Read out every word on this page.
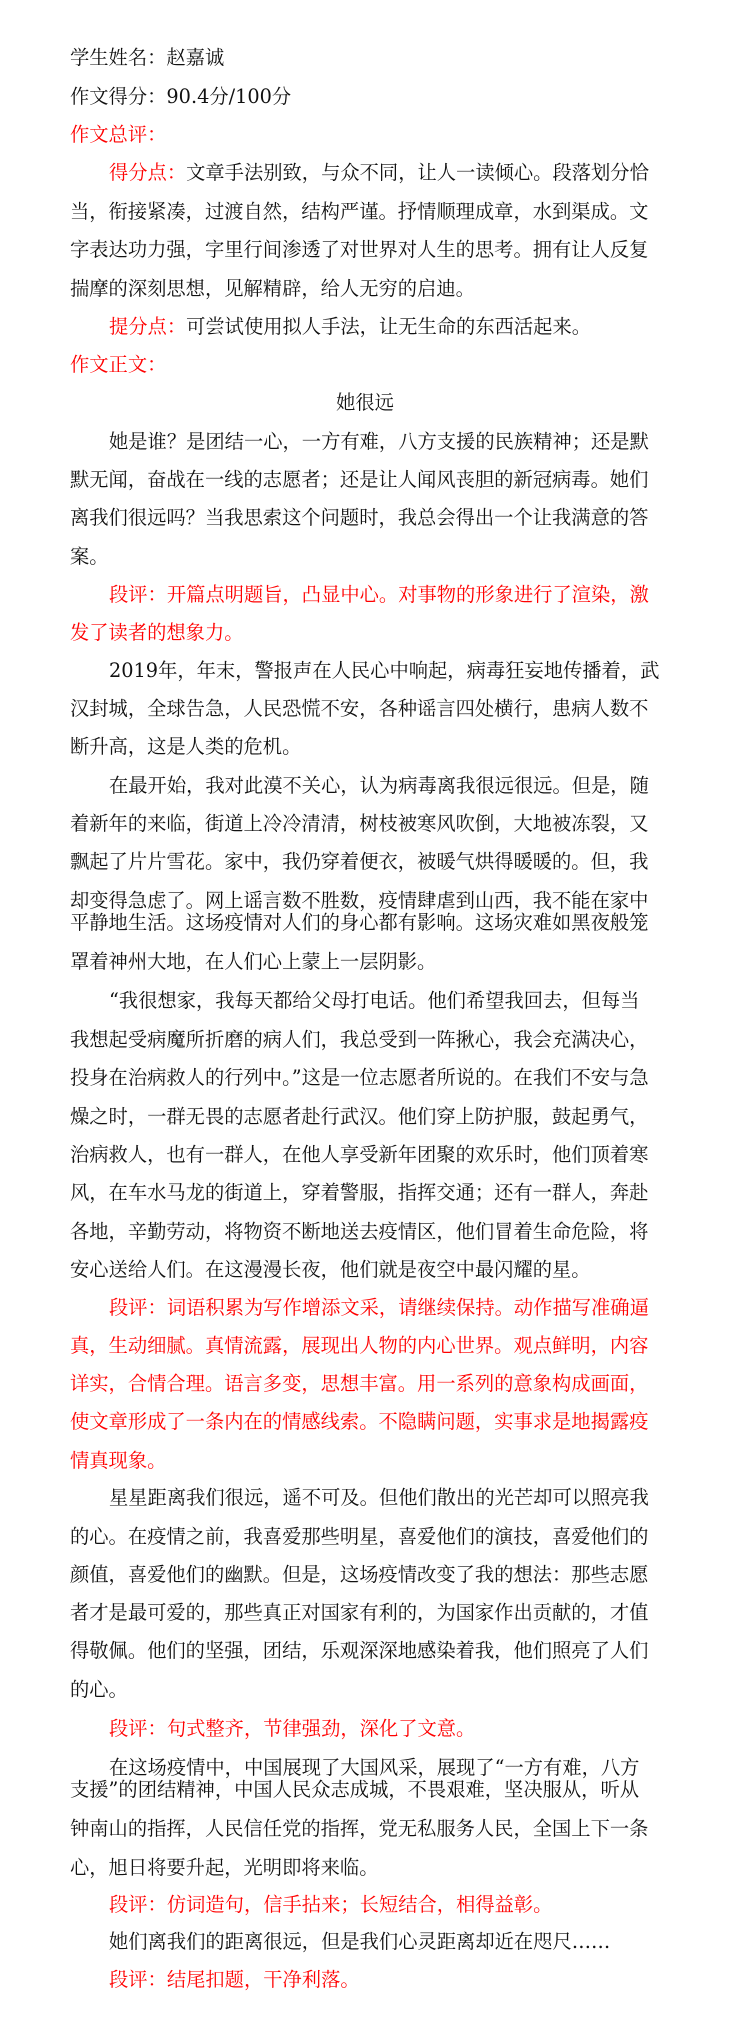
学生姓名：赵嘉诚
作文得分：90.4分/100分
作文总评：
得分点：文章手法别致，与众不同，让人一读倾心。段落划分恰
当，衔接紧凑，过渡自然，结构严谨。抒情顺理成章，水到渠成。文
字表达功力强，字里行间渗透了对世界对人生的思考。拥有让人反复
揣摩的深刻思想，见解精辟，给人无穷的启迪。
提分点：可尝试使用拟人手法，让无生命的东西活起来。
作文正文：
她很远
她是谁？是团结一心，一方有难，八方支援的民族精神；还是默
默无闻，奋战在一线的志愿者；还是让人闻风丧胆的新冠病毒。她们
离我们很远吗？当我思索这个问题时，我总会得出一个让我满意的答
案。
段评：开篇点明题旨，凸显中心。对事物的形象进行了渲染，激
发了读者的想象力。
2019年，年末，警报声在人民心中响起，病毒狂妄地传播着，武
汉封城，全球告急，人民恐慌不安，各种谣言四处横行，患病人数不
断升高，这是人类的危机。
在最开始，我对此漠不关心，认为病毒离我很远很远。但是，随
着新年的来临，街道上冷冷清清，树枝被寒风吹倒，大地被冻裂，又
飘起了片片雪花。家中，我仍穿着便衣，被暖气烘得暖暖的。但，我
却变得急虑了。网上谣言数不胜数，疫情肆虐到山西，我不能在家中
平静地生活。这场疫情对人们的身心都有影响。这场灾难如黑夜般笼
罩着神州大地，在人们心上蒙上一层阴影。
“我很想家，我每天都给父母打电话。他们希望我回去，但每当
我想起受病魔所折磨的病人们，我总受到一阵揪心，我会充满决心，
投身在治病救人的行列中。”这是一位志愿者所说的。在我们不安与急
燥之时，一群无畏的志愿者赴行武汉。他们穿上防护服，鼓起勇气，
治病救人，也有一群人，在他人享受新年团聚的欢乐时，他们顶着寒
风，在车水马龙的街道上，穿着警服，指挥交通；还有一群人，奔赴
各地，辛勤劳动，将物资不断地送去疫情区，他们冒着生命危险，将
安心送给人们。在这漫漫长夜，他们就是夜空中最闪耀的星。
段评：词语积累为写作增添文采，请继续保持。动作描写准确逼
真，生动细腻。真情流露，展现出人物的内心世界。观点鲜明，内容
详实，合情合理。语言多变，思想丰富。用一系列的意象构成画面，
使文章形成了一条内在的情感线索。不隐瞒问题，实事求是地揭露疫
情真现象。
星星距离我们很远，遥不可及。但他们散出的光芒却可以照亮我
的心。在疫情之前，我喜爱那些明星，喜爱他们的演技，喜爱他们的
颜值，喜爱他们的幽默。但是，这场疫情改变了我的想法：那些志愿
者才是最可爱的，那些真正对国家有利的，为国家作出贡献的，才值
得敬佩。他们的坚强，团结，乐观深深地感染着我，他们照亮了人们
的心。
段评：句式整齐，节律强劲，深化了文意。
在这场疫情中，中国展现了大国风采，展现了“一方有难，八方
支援”的团结精神，中国人民众志成城，不畏艰难，坚决服从，听从
钟南山的指挥，人民信任党的指挥，党无私服务人民，全国上下一条
心，旭日将要升起，光明即将来临。
段评：仿词造句，信手拈来；长短结合，相得益彰。
她们离我们的距离很远，但是我们心灵距离却近在咫尺……
段评：结尾扣题，干净利落。
